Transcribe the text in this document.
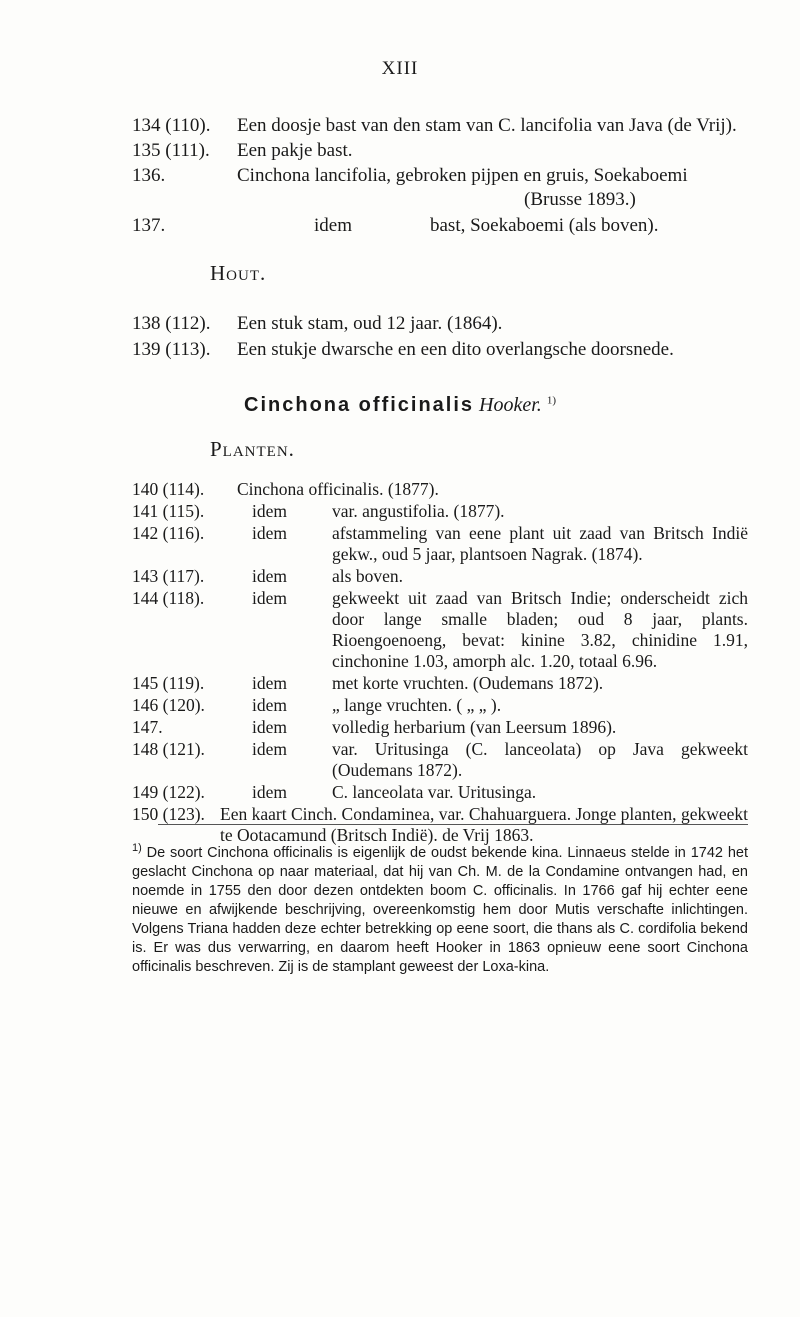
XIII
134 (110). Een doosje bast van den stam van C. lancifolia van Java (de Vrij).
135 (111). Een pakje bast.
136.	Cinchona lancifolia, gebroken pijpen en gruis, Soekaboemi
(Brusse 1893.)
137.	idem	bast, Soekaboemi (als boven).
Hout.
138 (112). Een stuk stam, oud 12 jaar. (1864).
139 (113). Een stukje dwarsche en een dito overlangsche doorsnede.
Cinchona officinalis Hooker. $^{1)}$
Planten.
$^{1)}$ De soort Cinchona officinalis is eigenlijk de oudst bekende kina. Linnaeus stelde in 1742 het geslacht Cinchona op naar materiaal, dat hij van Ch. M. de la Condamine ontvangen had, en noemde in 1755 den door dezen ontdekten boom C. officinalis. In 1766 gaf hij echter eene nieuwe en afwijkende beschrijving, overeenkomstig hem door Mutis verschafte inlichtingen. Volgens Triana hadden deze echter betrekking op eene soort, die thans als C. cordifolia bekend is. Er was dus verwarring, en daarom heeft Hooker in 1863 opnieuw eene soort Cinchona officinalis beschreven. Zij is de stamplant geweest der Loxa-kina.
140 (114). Cinchona officinalis. (1877).
141 (115).	idem	var. angustifolia. (1877).
142 (116).	idem	afstammeling van eene plant uit zaad van Britsch Indië gekw., oud 5 jaar, plantsoen Nagrak. (1874).
143 (117).	idem	als boven.
144 (118).	idem	gekweekt uit zaad van Britsch Indie; onderscheidt zich door lange smalle bladen; oud 8 jaar, plants. Rioengoenoeng, bevat: kinine 3.82, chinidine 1.91, cinchonine 1.03, amorph alc. 1.20, totaal 6.96.
145 (119).	idem	met korte vruchten. (Oudemans 1872).
146 (120).	idem	„ lange vruchten. ( „ „ ).
147.	idem	volledig herbarium (van Leersum 1896).
148 (121).	idem	var. Uritusinga (C. lanceolata) op Java gekweekt (Oudemans 1872).
149 (122).	idem	C. lanceolata var. Uritusinga.
150 (123). Een kaart Cinch. Condaminea, var. Chahuarguera. Jonge planten, gekweekt te Ootacamund (Britsch Indië). de Vrij 1863.
